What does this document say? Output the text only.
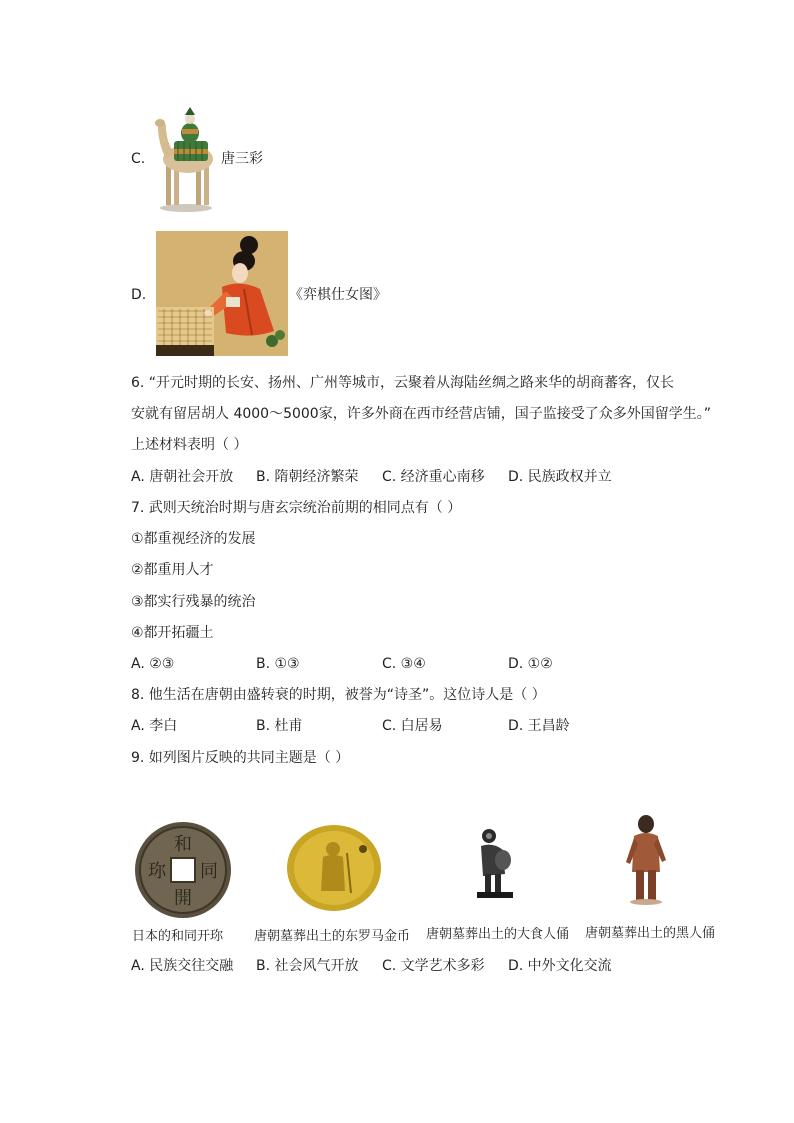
C.	唐三彩
D.	《弈棋仕女图》
6. “开元时期的长安、扬州、广州等城市，云聚着从海陆丝绸之路来华的胡商蕃客，仅长
安就有留居胡人 4000～5000家，许多外商在西市经营店铺，国子监接受了众多外国留学生。”
上述材料表明（ ）
A. 唐朝社会开放 B. 隋朝经济繁荣 C. 经济重心南移 D. 民族政权并立
7. 武则天统治时期与唐玄宗统治前期的相同点有（ ）
①都重视经济的发展
②都重用人才
③都实行残暴的统治
④都开拓疆土
A. ②③	B. ①③	C. ③④	D. ①②
8. 他生活在唐朝由盛转衰的时期，被誉为“诗圣”。这位诗人是（ ）
A. 李白	B. 杜甫	C. 白居易	D. 王昌龄
9. 如列图片反映的共同主题是（ ）
和
同
開
珎
日本的和同开珎 唐朝墓葬出土的东罗马金币 唐朝墓葬出土的大食人俑 唐朝墓葬出土的黑人俑
A. 民族交往交融 B. 社会风气开放 C. 文学艺术多彩 D. 中外文化交流
